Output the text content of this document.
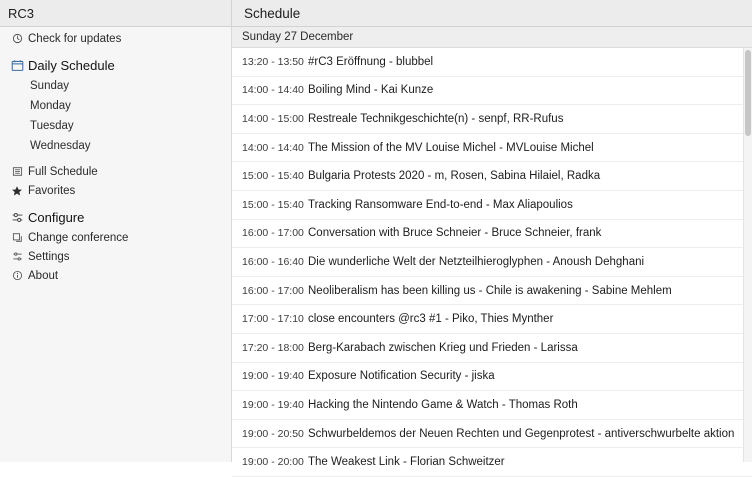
RC3	Schedule
Check for updates
Daily Schedule
Sunday
Monday
Tuesday
Wednesday
Full Schedule
Favorites
Configure
Change conference
Settings
About
Sunday 27 December
13:20 - 13:50 #rC3 Eröffnung - blubbel
14:00 - 14:40 Boiling Mind - Kai Kunze
14:00 - 15:00 Restreale Technikgeschichte(n) - senpf, RR-Rufus
14:00 - 14:40 The Mission of the MV Louise Michel - MVLouise Michel
15:00 - 15:40 Bulgaria Protests 2020 - m, Rosen, Sabina Hilaiel, Radka
15:00 - 15:40 Tracking Ransomware End-to-end - Max Aliapoulios
16:00 - 17:00 Conversation with Bruce Schneier - Bruce Schneier, frank
16:00 - 16:40 Die wunderliche Welt der Netzteilhieroglyphen - Anoush Dehghani
16:00 - 17:00 Neoliberalism has been killing us - Chile is awakening - Sabine Mehlem
17:00 - 17:10 close encounters @rc3 #1 - Piko, Thies Mynther
17:20 - 18:00 Berg-Karabach zwischen Krieg und Frieden - Larissa
19:00 - 19:40 Exposure Notification Security - jiska
19:00 - 19:40 Hacking the Nintendo Game & Watch - Thomas Roth
19:00 - 20:50 Schwurbeldemos der Neuen Rechten und Gegenprotest - antiverschwurbelte aktion
19:00 - 20:00 The Weakest Link - Florian Schweitzer
